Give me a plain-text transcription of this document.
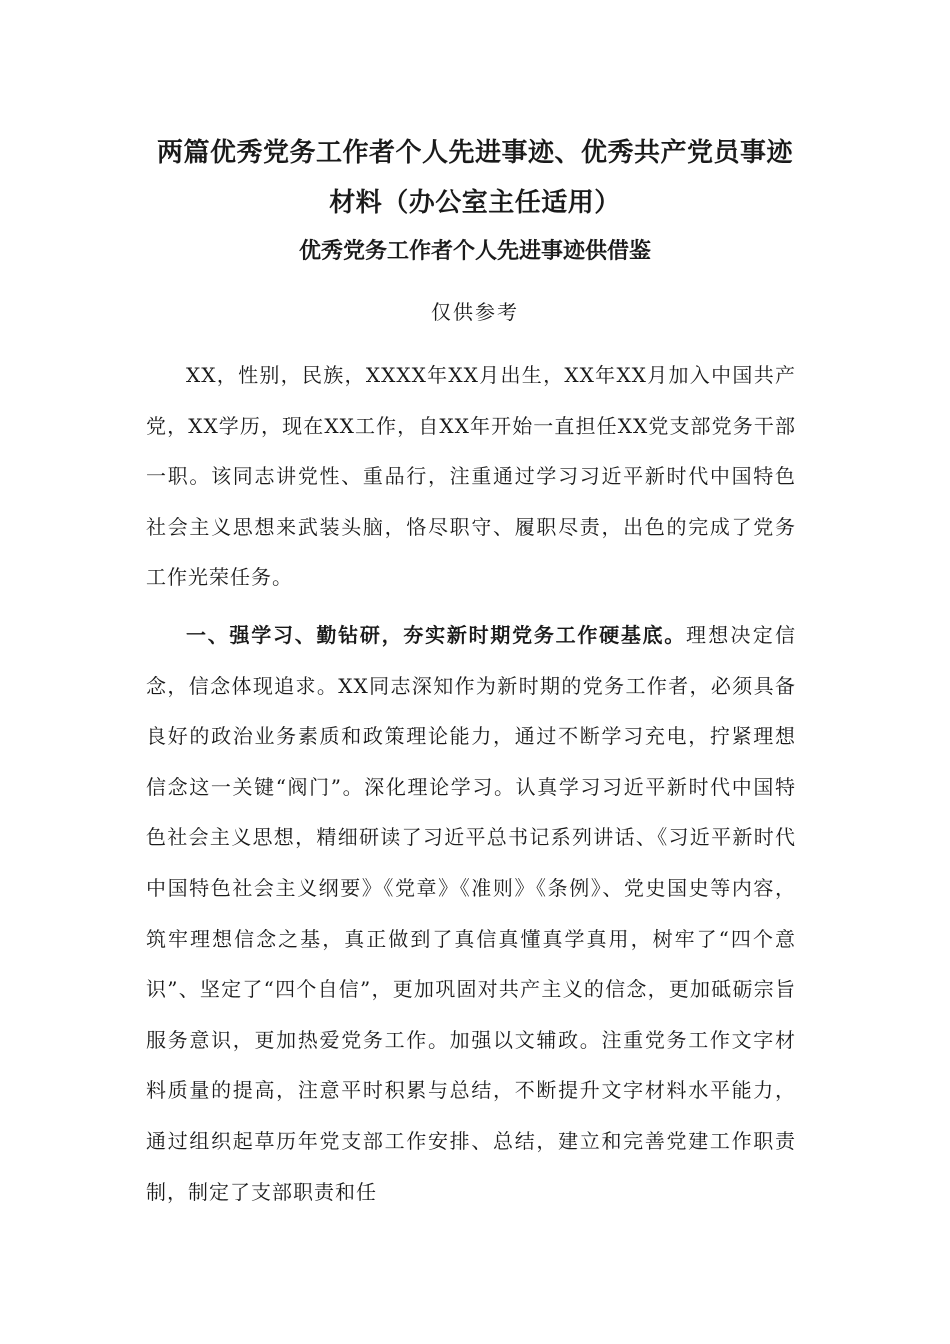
两篇优秀党务工作者个人先进事迹、优秀共产党员事迹材料（办公室主任适用）
优秀党务工作者个人先进事迹供借鉴

仅供参考

XX，性别，民族，XXXX年XX月出生，XX年XX月加入中国共产党，XX学历，现在XX工作，自XX年开始一直担任XX党支部党务干部一职。该同志讲党性、重品行，注重通过学习习近平新时代中国特色社会主义思想来武装头脑，恪尽职守、履职尽责，出色的完成了党务工作光荣任务。

一、强学习、勤钻研，夯实新时期党务工作硬基底。理想决定信念，信念体现追求。XX同志深知作为新时期的党务工作者，必须具备良好的政治业务素质和政策理论能力，通过不断学习充电，拧紧理想信念这一关键“阀门”。深化理论学习。认真学习习近平新时代中国特色社会主义思想，精细研读了习近平总书记系列讲话、《习近平新时代中国特色社会主义纲要》《党章》《准则》《条例》、党史国史等内容，筑牢理想信念之基，真正做到了真信真懂真学真用，树牢了“四个意识”、坚定了“四个自信”，更加巩固对共产主义的信念，更加砥砺宗旨服务意识，更加热爱党务工作。加强以文辅政。注重党务工作文字材料质量的提高，注意平时积累与总结，不断提升文字材料水平能力，通过组织起草历年党支部工作安排、总结，建立和完善党建工作职责制，制定了支部职责和任
